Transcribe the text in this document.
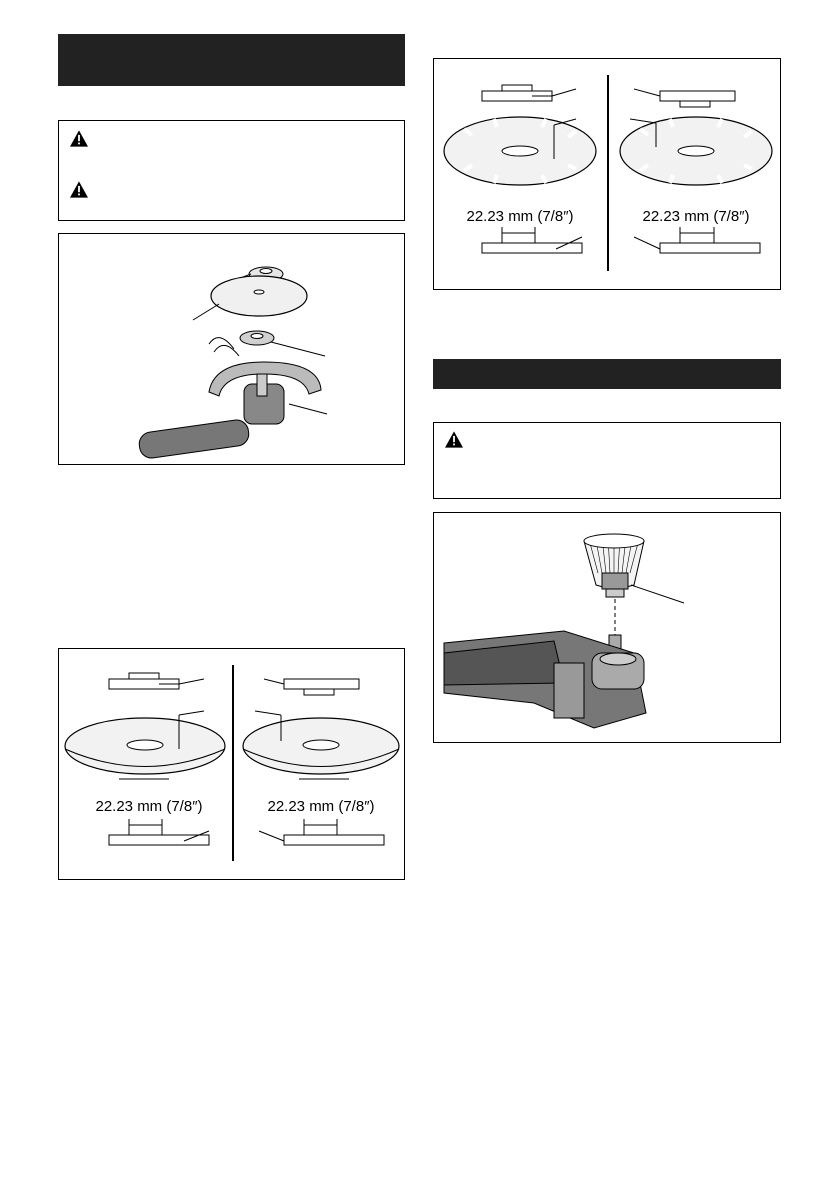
22.23 mm (7/8″)	22.23 mm (7/8″)
22.23 mm (7/8″)	22.23 mm (7/8″)
